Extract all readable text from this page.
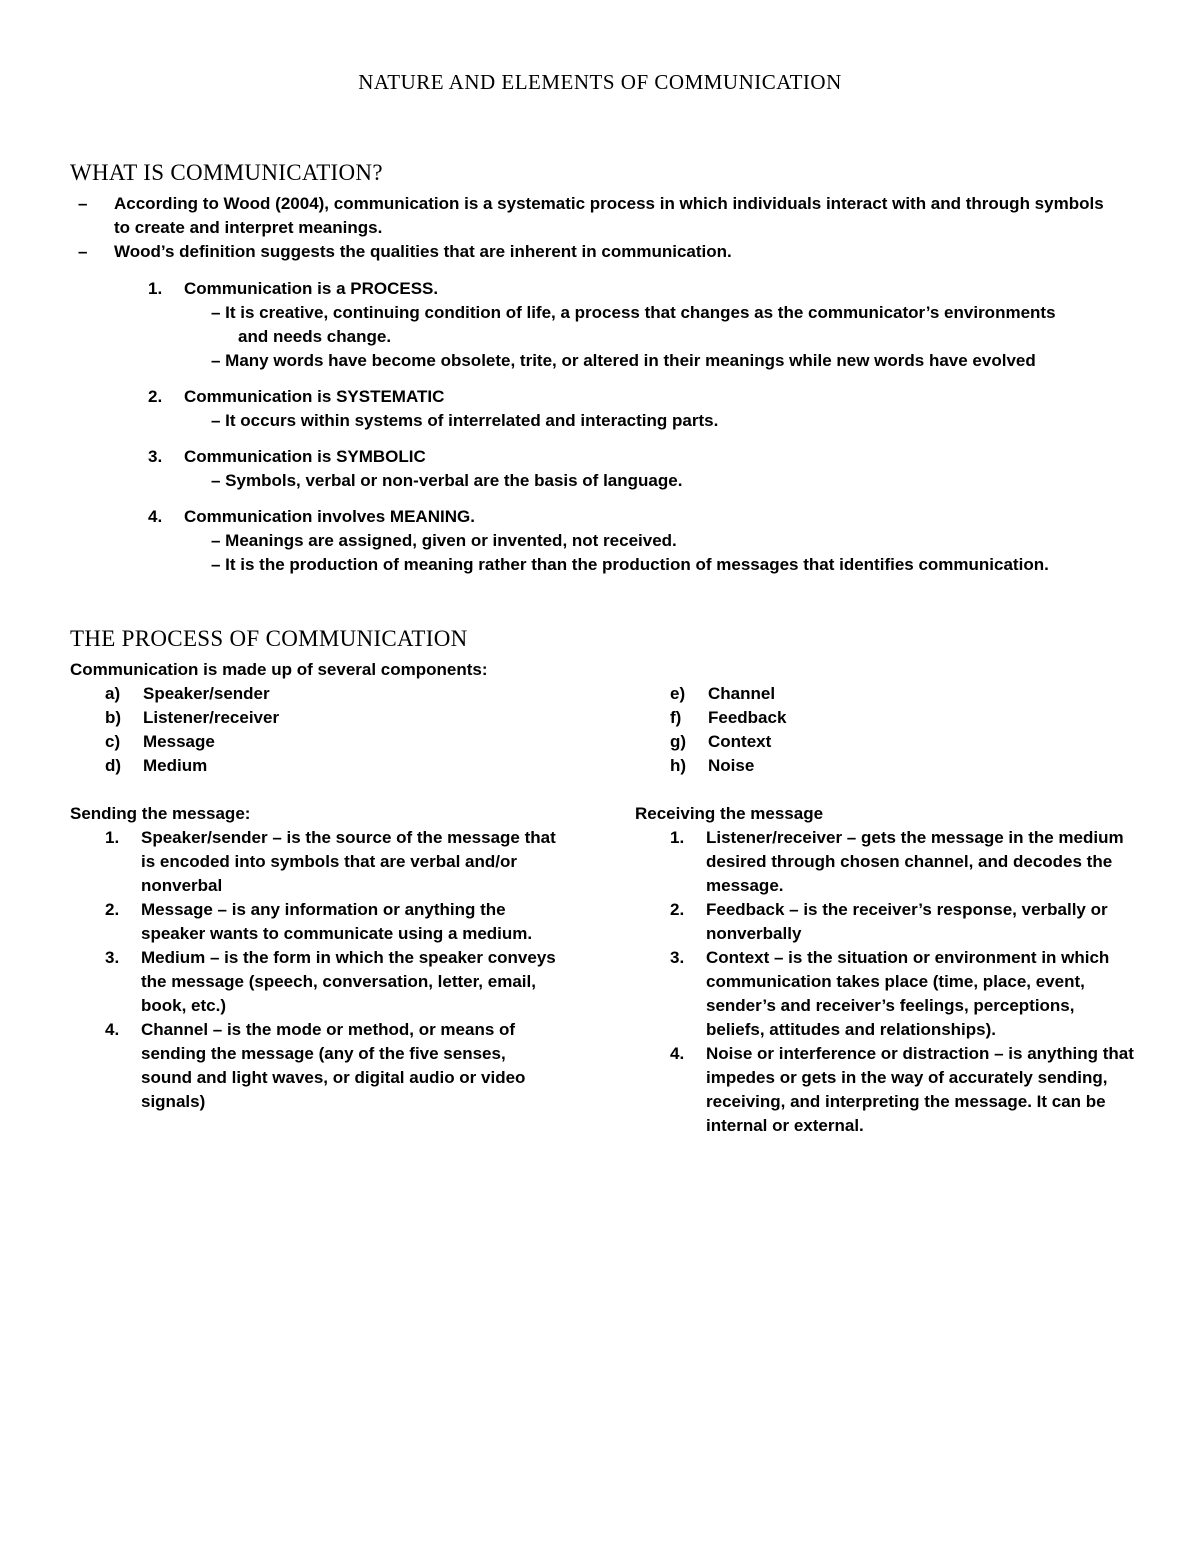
NATURE AND ELEMENTS OF COMMUNICATION
WHAT IS COMMUNICATION?
– According to Wood (2004), communication is a systematic process in which individuals interact with and through symbols to create and interpret meanings.
– Wood’s definition suggests the qualities that are inherent in communication.
1. Communication is a PROCESS.
– It is creative, continuing condition of life, a process that changes as the communicator’s environments
and needs change.
– Many words have become obsolete, trite, or altered in their meanings while new words have evolved
2. Communication is SYSTEMATIC
– It occurs within systems of interrelated and interacting parts.
3. Communication is SYMBOLIC
– Symbols, verbal or non-verbal are the basis of language.
4. Communication involves MEANING.
– Meanings are assigned, given or invented, not received.
– It is the production of meaning rather than the production of messages that identifies communication.
THE PROCESS OF COMMUNICATION
Communication is made up of several components:
a) Speaker/sender
b) Listener/receiver
c) Message
d) Medium
e) Channel
f) Feedback
g) Context
h) Noise
Sending the message:
1. Speaker/sender – is the source of the message that is encoded into symbols that are verbal and/or nonverbal
2. Message – is any information or anything the speaker wants to communicate using a medium.
3. Medium – is the form in which the speaker conveys the message (speech, conversation, letter, email, book, etc.)
4. Channel – is the mode or method, or means of sending the message (any of the five senses, sound and light waves, or digital audio or video signals)
Receiving the message
1. Listener/receiver – gets the message in the medium desired through chosen channel, and decodes the message.
2. Feedback – is the receiver’s response, verbally or nonverbally
3. Context – is the situation or environment in which communication takes place (time, place, event, sender’s and receiver’s feelings, perceptions, beliefs, attitudes and relationships).
4. Noise or interference or distraction – is anything that impedes or gets in the way of accurately sending, receiving, and interpreting the message. It can be internal or external.
